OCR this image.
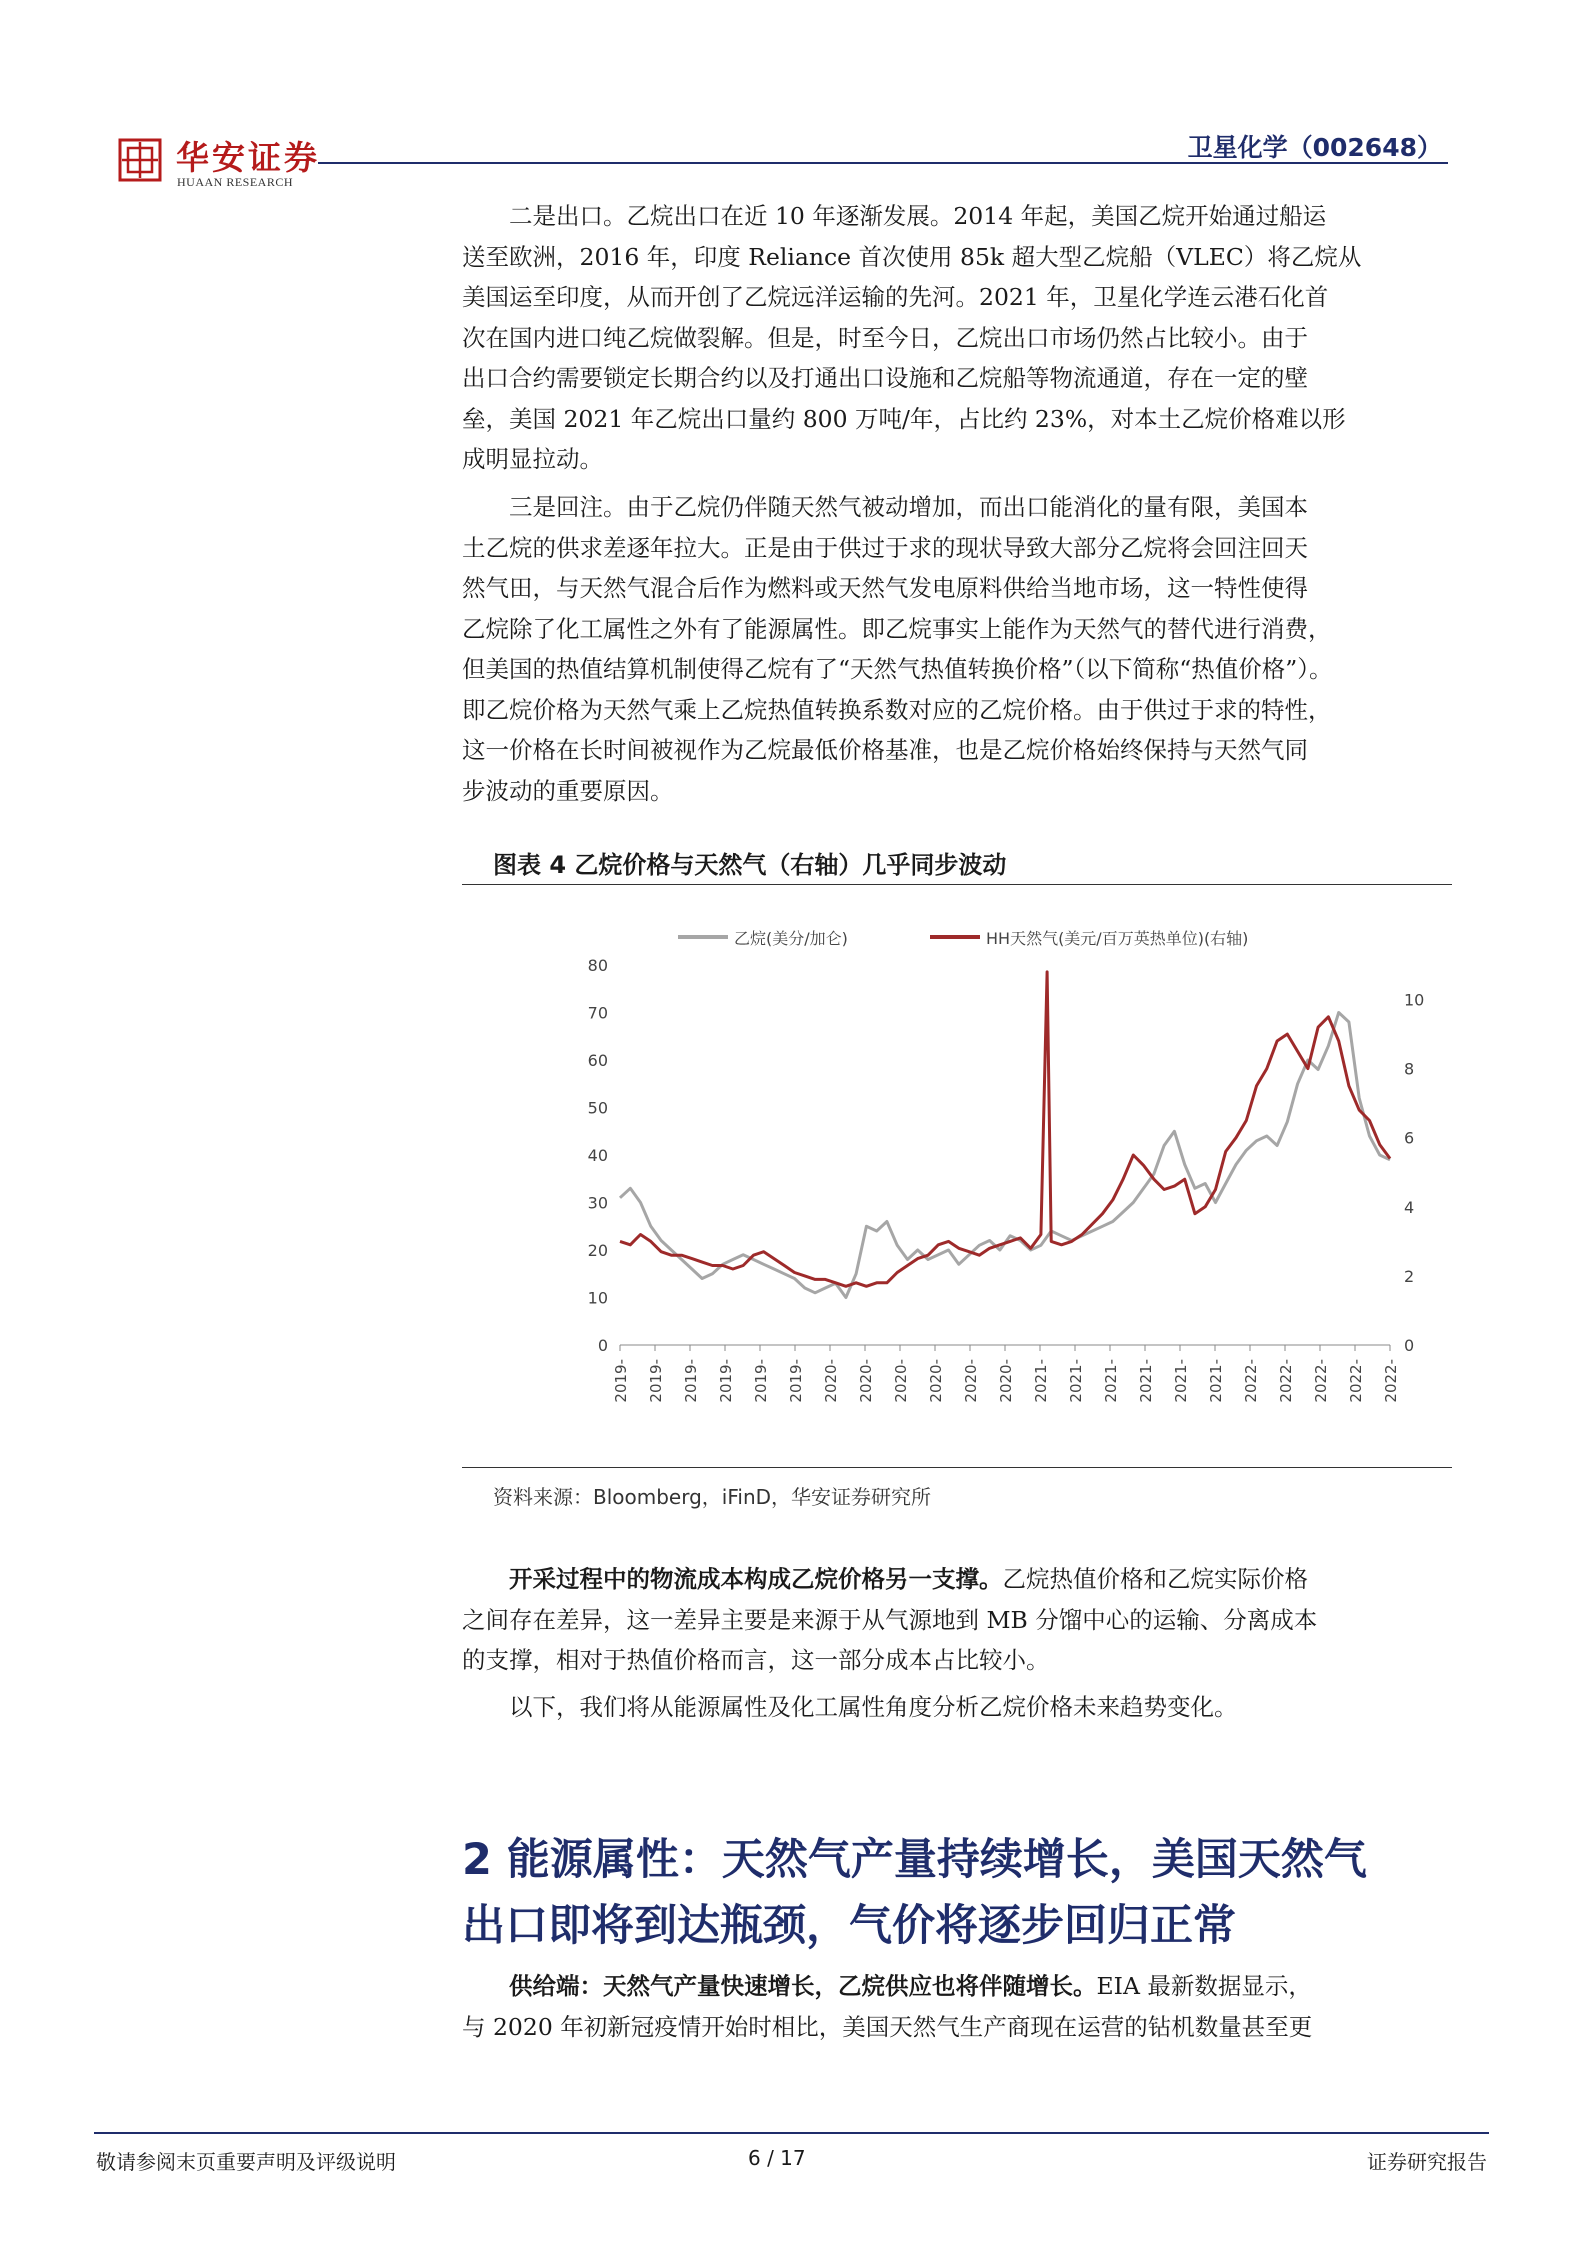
华安证券
HUAAN RESEARCH
卫星化学（002648）

二是出口。乙烷出口在近 10 年逐渐发展。2014 年起，美国乙烷开始通过船运
送至欧洲，2016 年，印度 Reliance 首次使用 85k 超大型乙烷船（VLEC）将乙烷从
美国运至印度，从而开创了乙烷远洋运输的先河。2021 年，卫星化学连云港石化首
次在国内进口纯乙烷做裂解。但是，时至今日，乙烷出口市场仍然占比较小。由于
出口合约需要锁定长期合约以及打通出口设施和乙烷船等物流通道，存在一定的壁
垒，美国 2021 年乙烷出口量约 800 万吨/年，占比约 23%，对本土乙烷价格难以形
成明显拉动。

三是回注。由于乙烷仍伴随天然气被动增加，而出口能消化的量有限，美国本
土乙烷的供求差逐年拉大。正是由于供过于求的现状导致大部分乙烷将会回注回天
然气田，与天然气混合后作为燃料或天然气发电原料供给当地市场，这一特性使得
乙烷除了化工属性之外有了能源属性。即乙烷事实上能作为天然气的替代进行消费，
但美国的热值结算机制使得乙烷有了“天然气热值转换价格”（以下简称“热值价格”）。
即乙烷价格为天然气乘上乙烷热值转换系数对应的乙烷价格。由于供过于求的特性，
这一价格在长时间被视作为乙烷最低价格基准，也是乙烷价格始终保持与天然气同
步波动的重要原因。

图表 4 乙烷价格与天然气（右轴）几乎同步波动
乙烷(美分/加仑)	HH天然气(美元/百万英热单位)(右轴)
0
10
20
30
40
50
60
70
80
0
2
4
6
8
10
2019- 2019- 2019- 2019- 2019- 2019- 2020- 2020- 2020- 2020- 2020- 2020- 2021- 2021- 2021- 2021- 2021- 2021- 2022- 2022- 2022- 2022- 2022-
资料来源：Bloomberg，iFinD，华安证券研究所

开采过程中的物流成本构成乙烷价格另一支撑。乙烷热值价格和乙烷实际价格
之间存在差异，这一差异主要是来源于从气源地到 MB 分馏中心的运输、分离成本
的支撑，相对于热值价格而言，这一部分成本占比较小。

以下，我们将从能源属性及化工属性角度分析乙烷价格未来趋势变化。

2 能源属性：天然气产量持续增长，美国天然气
出口即将到达瓶颈，气价将逐步回归正常

供给端：天然气产量快速增长，乙烷供应也将伴随增长。EIA 最新数据显示，
与 2020 年初新冠疫情开始时相比，美国天然气生产商现在运营的钻机数量甚至更

敬请参阅末页重要声明及评级说明	6 / 17	证券研究报告
